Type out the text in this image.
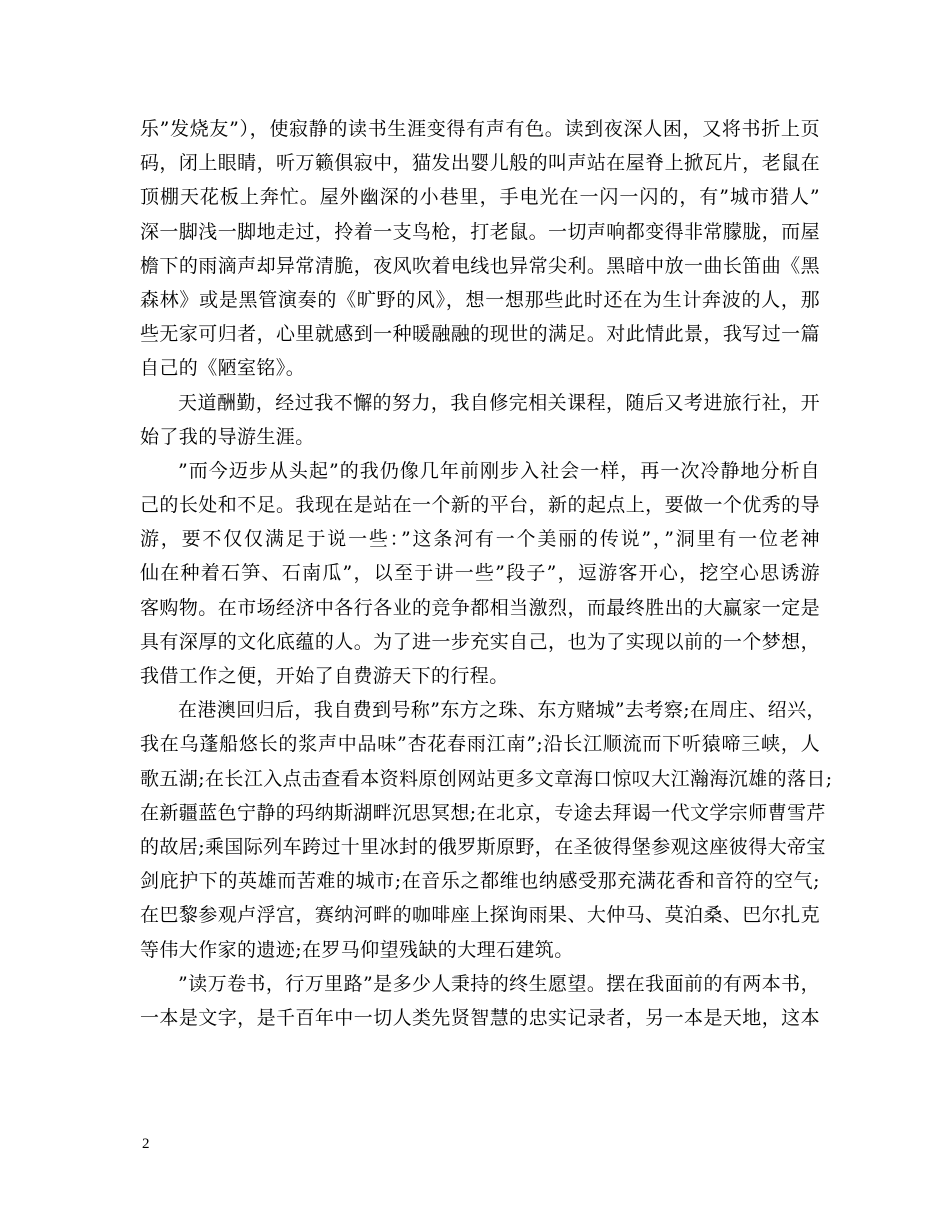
乐”发烧友”），使寂静的读书生涯变得有声有色。读到夜深人困，又将书折上页
码，闭上眼睛，听万籁俱寂中，猫发出婴儿般的叫声站在屋脊上掀瓦片，老鼠在
顶棚天花板上奔忙。屋外幽深的小巷里，手电光在一闪一闪的，有”城市猎人”
深一脚浅一脚地走过，拎着一支鸟枪，打老鼠。一切声响都变得非常朦胧，而屋
檐下的雨滴声却异常清脆，夜风吹着电线也异常尖利。黑暗中放一曲长笛曲《黑
森林》或是黑管演奏的《旷野的风》，想一想那些此时还在为生计奔波的人，那
些无家可归者，心里就感到一种暖融融的现世的满足。对此情此景，我写过一篇
自己的《陋室铭》。
天道酬勤，经过我不懈的努力，我自修完相关课程，随后又考进旅行社，开
始了我的导游生涯。
”而今迈步从头起”的我仍像几年前刚步入社会一样，再一次冷静地分析自
己的长处和不足。我现在是站在一个新的平台，新的起点上，要做一个优秀的导
游，要不仅仅满足于说一些：”这条河有一个美丽的传说”，”洞里有一位老神
仙在种着石笋、石南瓜”，以至于讲一些”段子”，逗游客开心，挖空心思诱游
客购物。在市场经济中各行各业的竞争都相当激烈，而最终胜出的大赢家一定是
具有深厚的文化底蕴的人。为了进一步充实自己，也为了实现以前的一个梦想，
我借工作之便，开始了自费游天下的行程。
在港澳回归后，我自费到号称”东方之珠、东方赌城”去考察;在周庄、绍兴，
我在乌蓬船悠长的浆声中品味”杏花春雨江南”;沿长江顺流而下听猿啼三峡，人
歌五湖;在长江入点击查看本资料原创网站更多文章海口惊叹大江瀚海沉雄的落日;
在新疆蓝色宁静的玛纳斯湖畔沉思冥想;在北京，专途去拜谒一代文学宗师曹雪芹
的故居;乘国际列车跨过十里冰封的俄罗斯原野，在圣彼得堡参观这座彼得大帝宝
剑庇护下的英雄而苦难的城市;在音乐之都维也纳感受那充满花香和音符的空气;
在巴黎参观卢浮宫，赛纳河畔的咖啡座上探询雨果、大仲马、莫泊桑、巴尔扎克
等伟大作家的遗迹;在罗马仰望残缺的大理石建筑。
”读万卷书，行万里路”是多少人秉持的终生愿望。摆在我面前的有两本书，
一本是文字，是千百年中一切人类先贤智慧的忠实记录者，另一本是天地，这本
2
